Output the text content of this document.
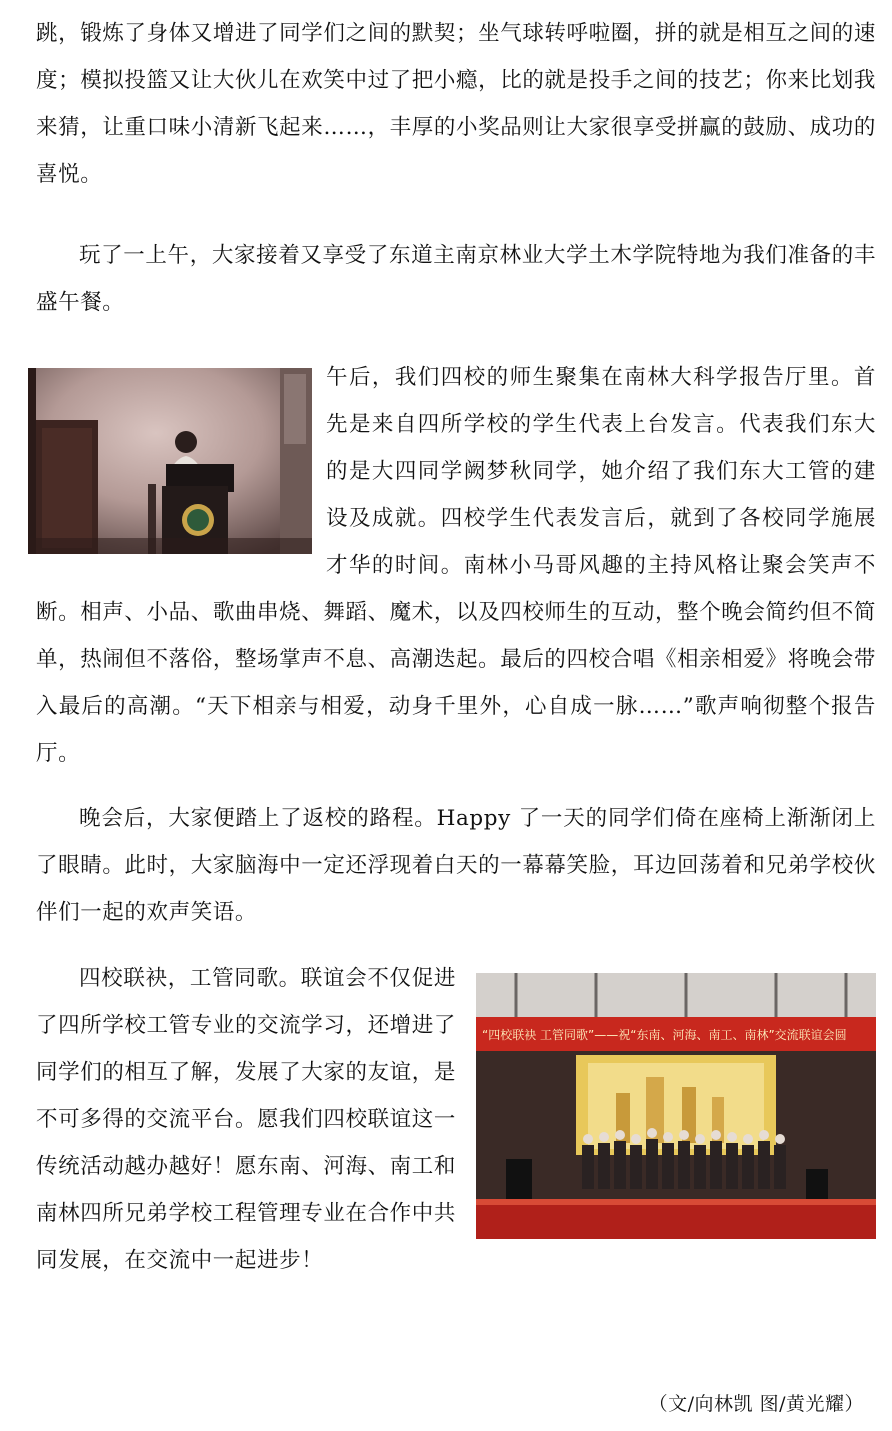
跳，锻炼了身体又增进了同学们之间的默契；坐气球转呼啦圈，拼的就是相互之间的速度；模拟投篮又让大伙儿在欢笑中过了把小瘾，比的就是投手之间的技艺；你来比划我来猜，让重口味小清新飞起来……，丰厚的小奖品则让大家很享受拼赢的鼓励、成功的喜悦。

玩了一上午，大家接着又享受了东道主南京林业大学土木学院特地为我们准备的丰盛午餐。

午后，我们四校的师生聚集在南林大科学报告厅里。首先是来自四所学校的学生代表上台发言。代表我们东大的是大四同学阙梦秋同学，她介绍了我们东大工管的建设及成就。四校学生代表发言后，就到了各校同学施展才华的时间。南林小马哥风趣的主持风格让聚会笑声不断。相声、小品、歌曲串烧、舞蹈、魔术，以及四校师生的互动，整个晚会简约但不简单，热闹但不落俗，整场掌声不息、高潮迭起。最后的四校合唱《相亲相爱》将晚会带入最后的高潮。“天下相亲与相爱，动身千里外，心自成一脉……”歌声响彻整个报告厅。

晚会后，大家便踏上了返校的路程。Happy 了一天的同学们倚在座椅上渐渐闭上了眼睛。此时，大家脑海中一定还浮现着白天的一幕幕笑脸，耳边回荡着和兄弟学校伙伴们一起的欢声笑语。

“四校联袂 工管同歌”——祝“东南、河海、南工、南林”交流联谊会圆

四校联袂，工管同歌。联谊会不仅促进了四所学校工管专业的交流学习，还增进了同学们的相互了解，发展了大家的友谊，是不可多得的交流平台。愿我们四校联谊这一传统活动越办越好！愿东南、河海、南工和南林四所兄弟学校工程管理专业在合作中共同发展，在交流中一起进步！

（文/向林凯 图/黄光耀）
